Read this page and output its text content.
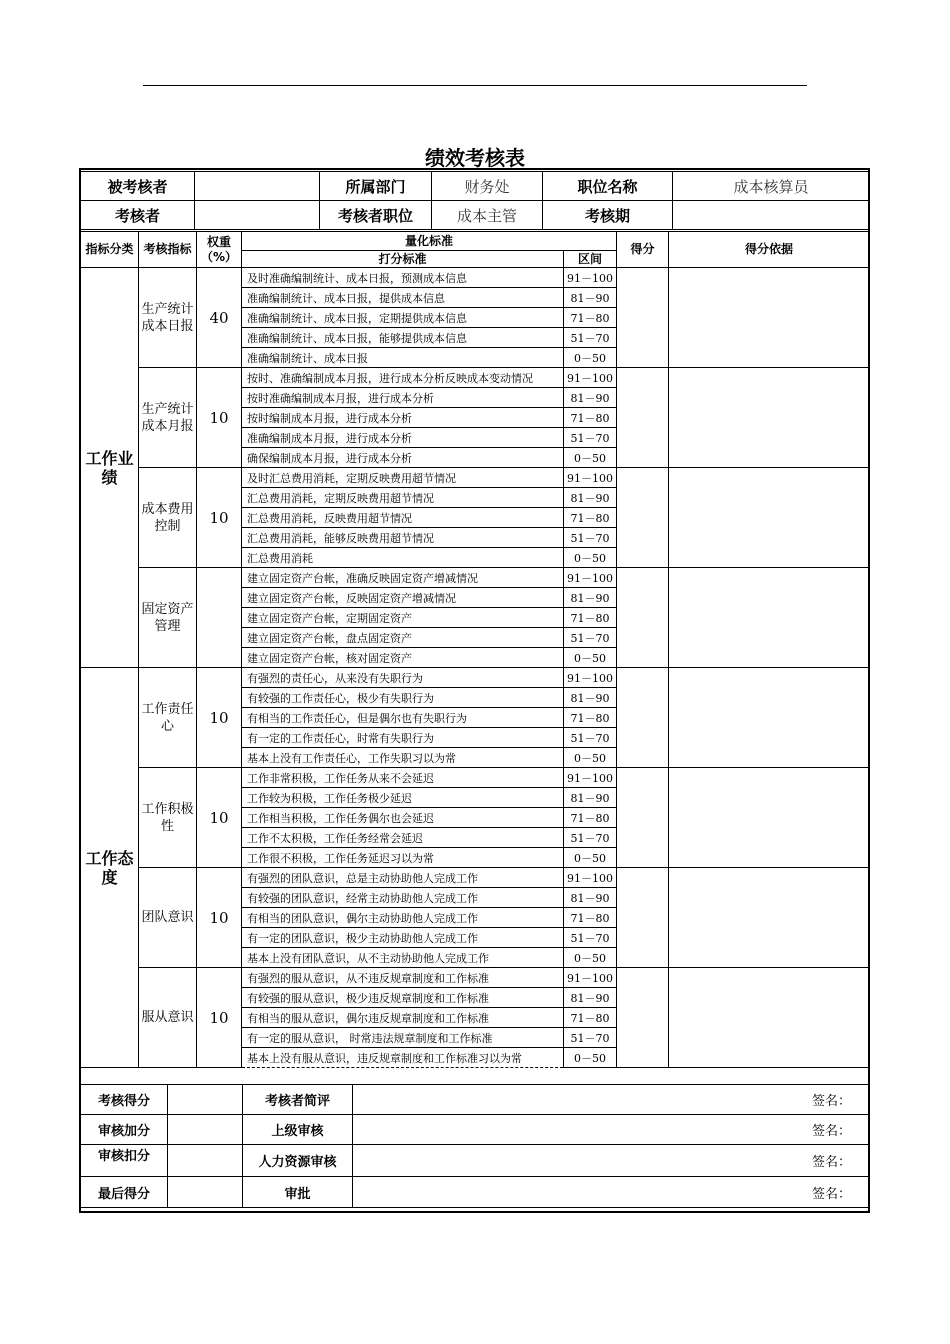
绩效考核表
被考核者		所属部门	财务处	职位名称	成本核算员
考核者		考核者职位	成本主管	考核期	
指标分类	考核指标	权重（%）	量化标准		得分	得分依据
			打分标准	区间		
工作业绩	生产统计成本日报	40	及时准确编制统计、成本日报，预测成本信息	91－100		
			准确编制统计、成本日报，提供成本信息	81－90		
			准确编制统计、成本日报，定期提供成本信息	71－80		
			准确编制统计、成本日报，能够提供成本信息	51－70		
			准确编制统计、成本日报	0－50		
	生产统计成本月报	10	按时、准确编制成本月报，进行成本分析反映成本变动情况	91－100		
			按时准确编制成本月报，进行成本分析	81－90		
			按时编制成本月报，进行成本分析	71－80		
			准确编制成本月报，进行成本分析	51－70		
			确保编制成本月报，进行成本分析	0－50		
	成本费用控制	10	及时汇总费用消耗，定期反映费用超节情况	91－100		
			汇总费用消耗，定期反映费用超节情况	81－90		
			汇总费用消耗，反映费用超节情况	71－80		
			汇总费用消耗，能够反映费用超节情况	51－70		
			汇总费用消耗	0－50		
	固定资产管理		建立固定资产台帐，准确反映固定资产增减情况	91－100		
			建立固定资产台帐，反映固定资产增减情况	81－90		
			建立固定资产台帐，定期固定资产	71－80		
			建立固定资产台帐，盘点固定资产	51－70		
			建立固定资产台帐，核对固定资产	0－50		
工作态度	工作责任心	10	有强烈的责任心，从来没有失职行为	91－100		
			有较强的工作责任心，极少有失职行为	81－90		
			有相当的工作责任心，但是偶尔也有失职行为	71－80		
			有一定的工作责任心，时常有失职行为	51－70		
			基本上没有工作责任心，工作失职习以为常	0－50		
	工作积极性	10	工作非常积极，工作任务从来不会延迟	91－100		
			工作较为积极，工作任务极少延迟	81－90		
			工作相当积极，工作任务偶尔也会延迟	71－80		
			工作不太积极，工作任务经常会延迟	51－70		
			工作很不积极，工作任务延迟习以为常	0－50		
	团队意识	10	有强烈的团队意识，总是主动协助他人完成工作	91－100		
			有较强的团队意识，经常主动协助他人完成工作	81－90		
			有相当的团队意识，偶尔主动协助他人完成工作	71－80		
			有一定的团队意识，极少主动协助他人完成工作	51－70		
			基本上没有团队意识，从不主动协助他人完成工作	0－50		
	服从意识	10	有强烈的服从意识，从不违反规章制度和工作标准	91－100		
			有较强的服从意识，极少违反规章制度和工作标准	81－90		
			有相当的服从意识，偶尔违反规章制度和工作标准	71－80		
			有一定的服从意识， 时常违法规章制度和工作标准	51－70		
			基本上没有服从意识，违反规章制度和工作标准习以为常	0－50		
考核得分		考核者简评	签名：
审核加分		上级审核	签名：
审核扣分		人力资源审核	签名：
最后得分		审批	签名：
